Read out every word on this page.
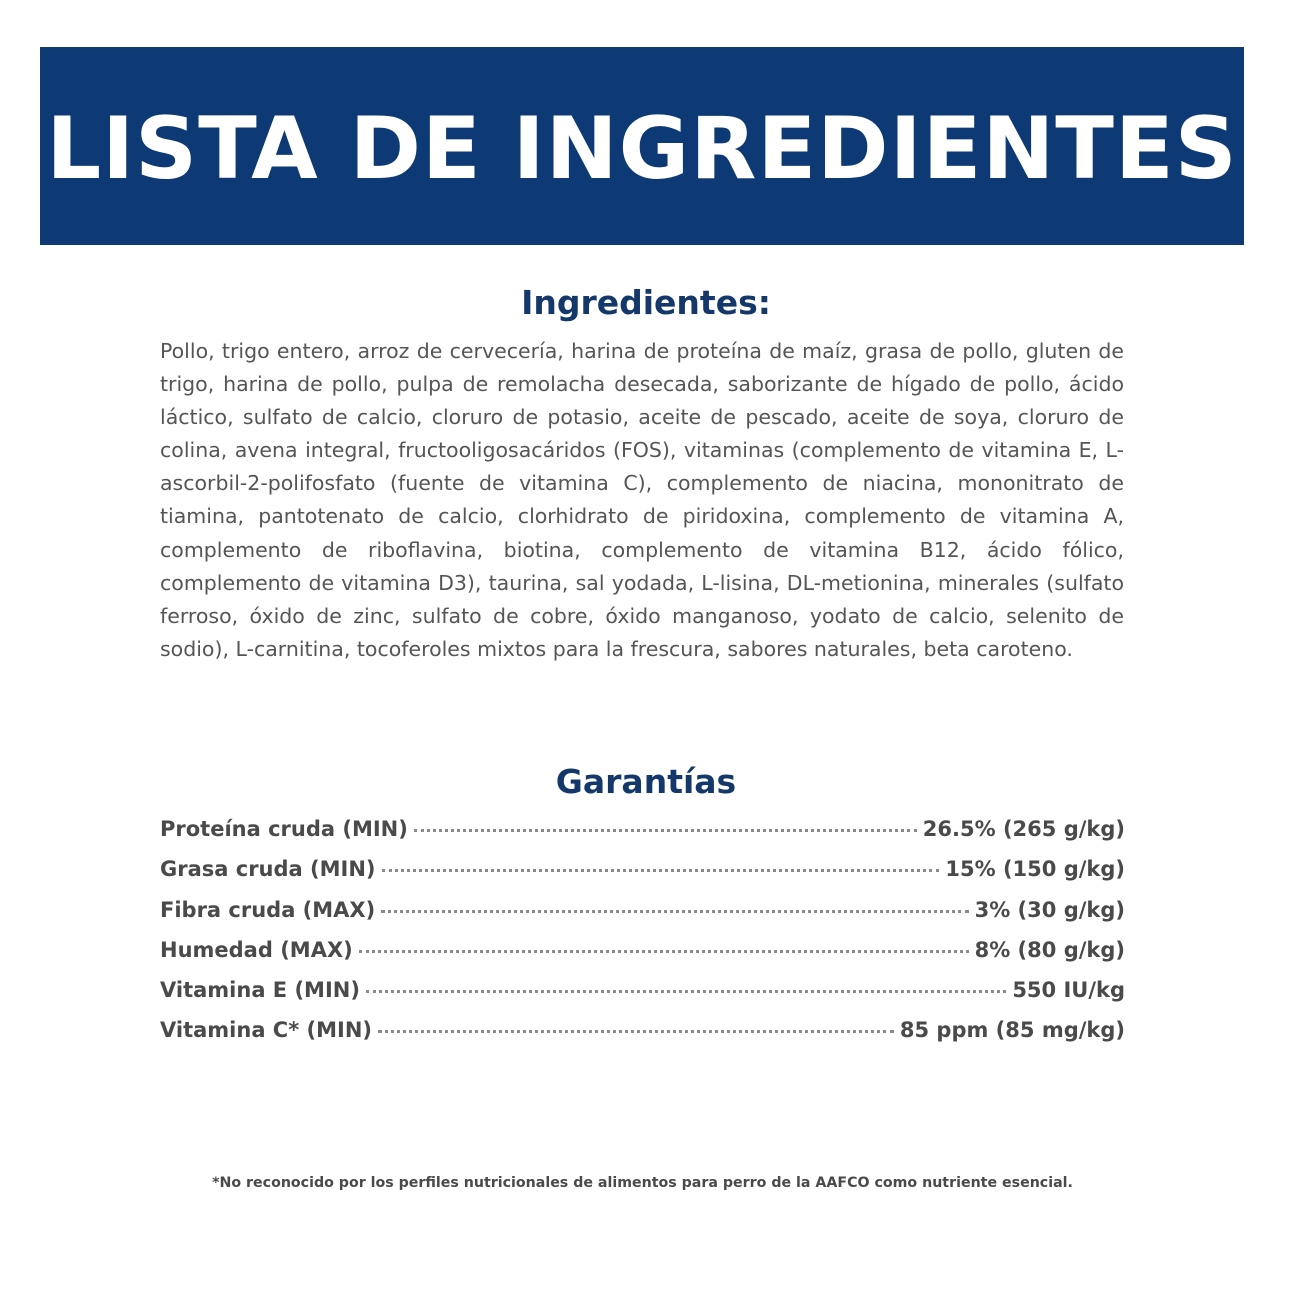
LISTA DE INGREDIENTES
Ingredientes:

Pollo, trigo entero, arroz de cervecería, harina de proteína de maíz, grasa de pollo, gluten de trigo, harina de pollo, pulpa de remolacha desecada, saborizante de hígado de pollo, ácido láctico, sulfato de calcio, cloruro de potasio, aceite de pescado, aceite de soya, cloruro de colina, avena integral, fructooligosacáridos (FOS), vitaminas (complemento de vitamina E, L-ascorbil-2-polifosfato (fuente de vitamina C), complemento de niacina, mononitrato de tiamina, pantotenato de calcio, clorhidrato de piridoxina, complemento de vitamina A, complemento de riboflavina, biotina, complemento de vitamina B12, ácido fólico, complemento de vitamina D3), taurina, sal yodada, L-lisina, DL-metionina, minerales (sulfato ferroso, óxido de zinc, sulfato de cobre, óxido manganoso, yodato de calcio, selenito de sodio), L-carnitina, tocoferoles mixtos para la frescura, sabores naturales, beta caroteno.

Garantías
Proteína cruda (MIN)	26.5% (265 g/kg)
Grasa cruda (MIN)	15% (150 g/kg)
Fibra cruda (MAX)	3% (30 g/kg)
Humedad (MAX)	8% (80 g/kg)
Vitamina E (MIN)	550 IU/kg
Vitamina C* (MIN)	85 ppm (85 mg/kg)
*No reconocido por los perfiles nutricionales de alimentos para perro de la AAFCO como nutriente esencial.
